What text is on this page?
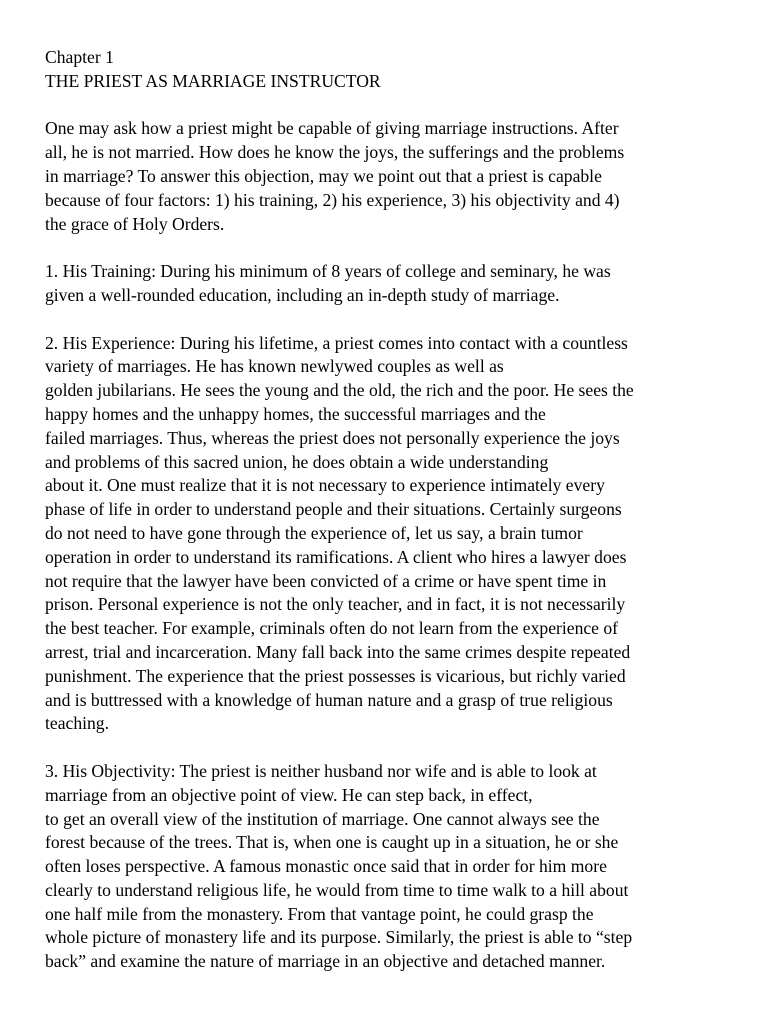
Chapter 1
THE PRIEST AS MARRIAGE INSTRUCTOR
One may ask how a priest might be capable of giving marriage instructions. After
all, he is not married. How does he know the joys, the sufferings and the problems
in marriage? To answer this objection, may we point out that a priest is capable
because of four factors: 1) his training, 2) his experience, 3) his objectivity and 4)
the grace of Holy Orders.
1. His Training: During his minimum of 8 years of college and seminary, he was
given a well-rounded education, including an in-depth study of marriage.
2. His Experience: During his lifetime, a priest comes into contact with a countless
variety of marriages. He has known newlywed couples as well as
golden jubilarians. He sees the young and the old, the rich and the poor. He sees the
happy homes and the unhappy homes, the successful marriages and the
failed marriages. Thus, whereas the priest does not personally experience the joys
and problems of this sacred union, he does obtain a wide understanding
about it. One must realize that it is not necessary to experience intimately every
phase of life in order to understand people and their situations. Certainly surgeons
do not need to have gone through the experience of, let us say, a brain tumor
operation in order to understand its ramifications. A client who hires a lawyer does
not require that the lawyer have been convicted of a crime or have spent time in
prison. Personal experience is not the only teacher, and in fact, it is not necessarily
the best teacher. For example, criminals often do not learn from the experience of
arrest, trial and incarceration. Many fall back into the same crimes despite repeated
punishment. The experience that the priest possesses is vicarious, but richly varied
and is buttressed with a knowledge of human nature and a grasp of true religious
teaching.
3. His Objectivity: The priest is neither husband nor wife and is able to look at
marriage from an objective point of view. He can step back, in effect,
to get an overall view of the institution of marriage. One cannot always see the
forest because of the trees. That is, when one is caught up in a situation, he or she
often loses perspective. A famous monastic once said that in order for him more
clearly to understand religious life, he would from time to time walk to a hill about
one half mile from the monastery. From that vantage point, he could grasp the
whole picture of monastery life and its purpose. Similarly, the priest is able to “step
back” and examine the nature of marriage in an objective and detached manner.
